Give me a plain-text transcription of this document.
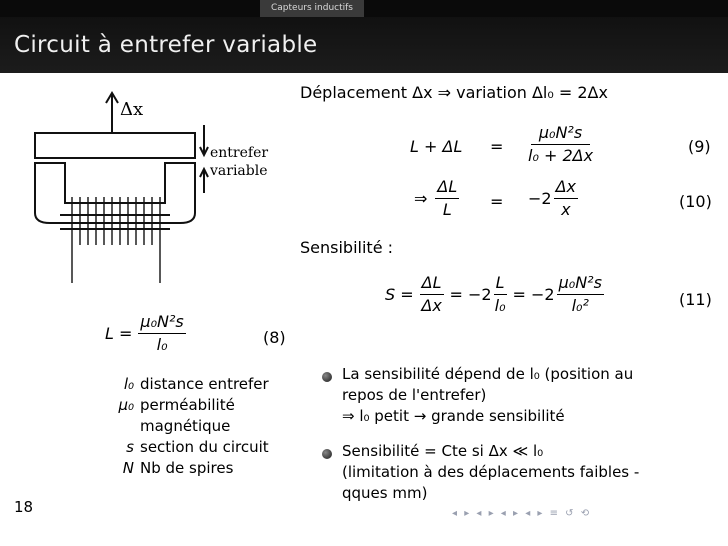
Capteurs inductifs
Circuit à entrefer variable
Δx
entrefer
variable
$L = \frac{\text{μ₀N²s}}{\text{l₀}}$	(8)
l₀ distance entrefer
μ₀ perméabilité
magnétique
s section du circuit
N Nb de spires
18
Déplacement Δx ⇒ variation Δl₀ = 2Δx
$L + \Delta L = \frac{\text{μ₀N²s}}{\text{l₀ + 2Δx}}$	(9)
⇒ $\frac{\Delta L}{L} = -2 \frac{\Delta x}{x}$	(10)
Sensibilité :
$S = \frac{\Delta L}{\Delta x} = -2 \frac{L}{\text{l₀}} = -2 \frac{\text{μ₀N²s}}{\text{l₀²}}$	(11)
La sensibilité dépend de l₀ (position au
repos de l'entrefer)
⇒ l₀ petit → grande sensibilité
Sensibilité = Cte si Δx ≪ l₀
(limitation à des déplacements faibles -
qques mm)
◂ ▸ ◂ ▸ ◂ ▸ ◂ ▸ ≡ ↺ ⟲
